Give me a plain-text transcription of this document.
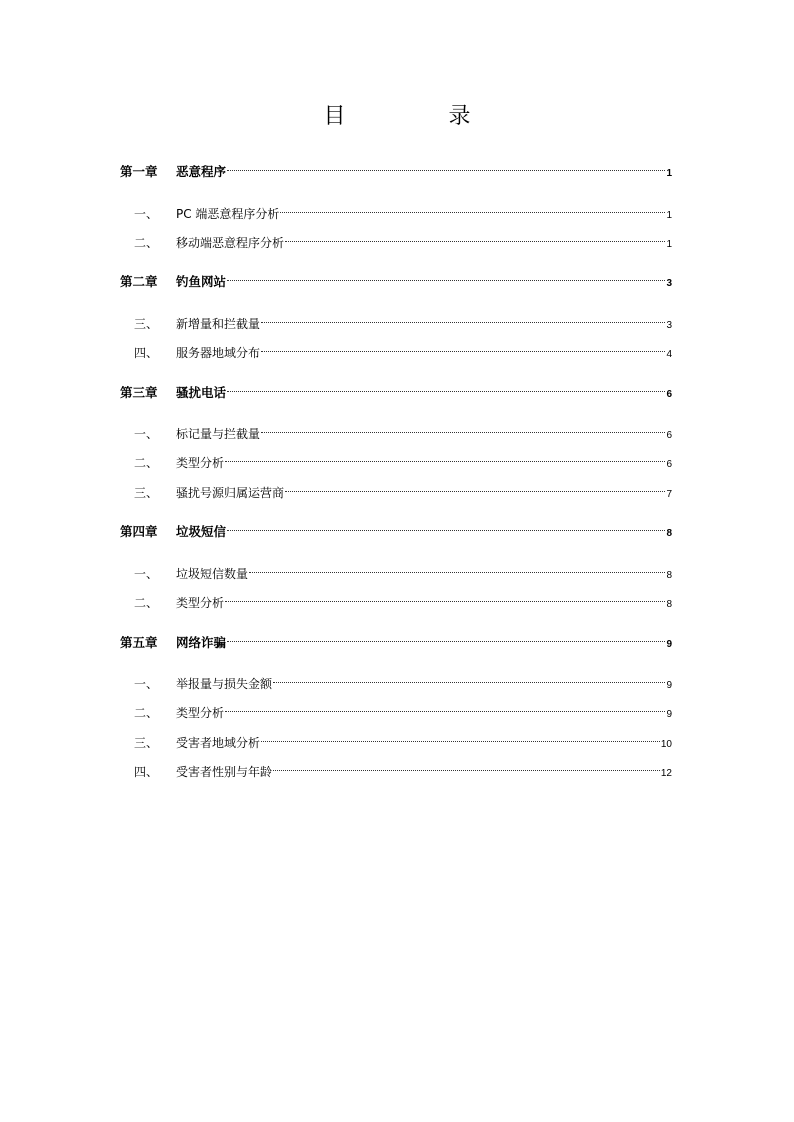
目 录
第一章	恶意程序	1
一、	PC 端恶意程序分析	1
二、	移动端恶意程序分析	1
第二章	钓鱼网站	3
三、	新增量和拦截量	3
四、	服务器地域分布	4
第三章	骚扰电话	6
一、	标记量与拦截量	6
二、	类型分析	6
三、	骚扰号源归属运营商	7
第四章	垃圾短信	8
一、	垃圾短信数量	8
二、	类型分析	8
第五章	网络诈骗	9
一、	举报量与损失金额	9
二、	类型分析	9
三、	受害者地域分析	10
四、	受害者性别与年龄	12
